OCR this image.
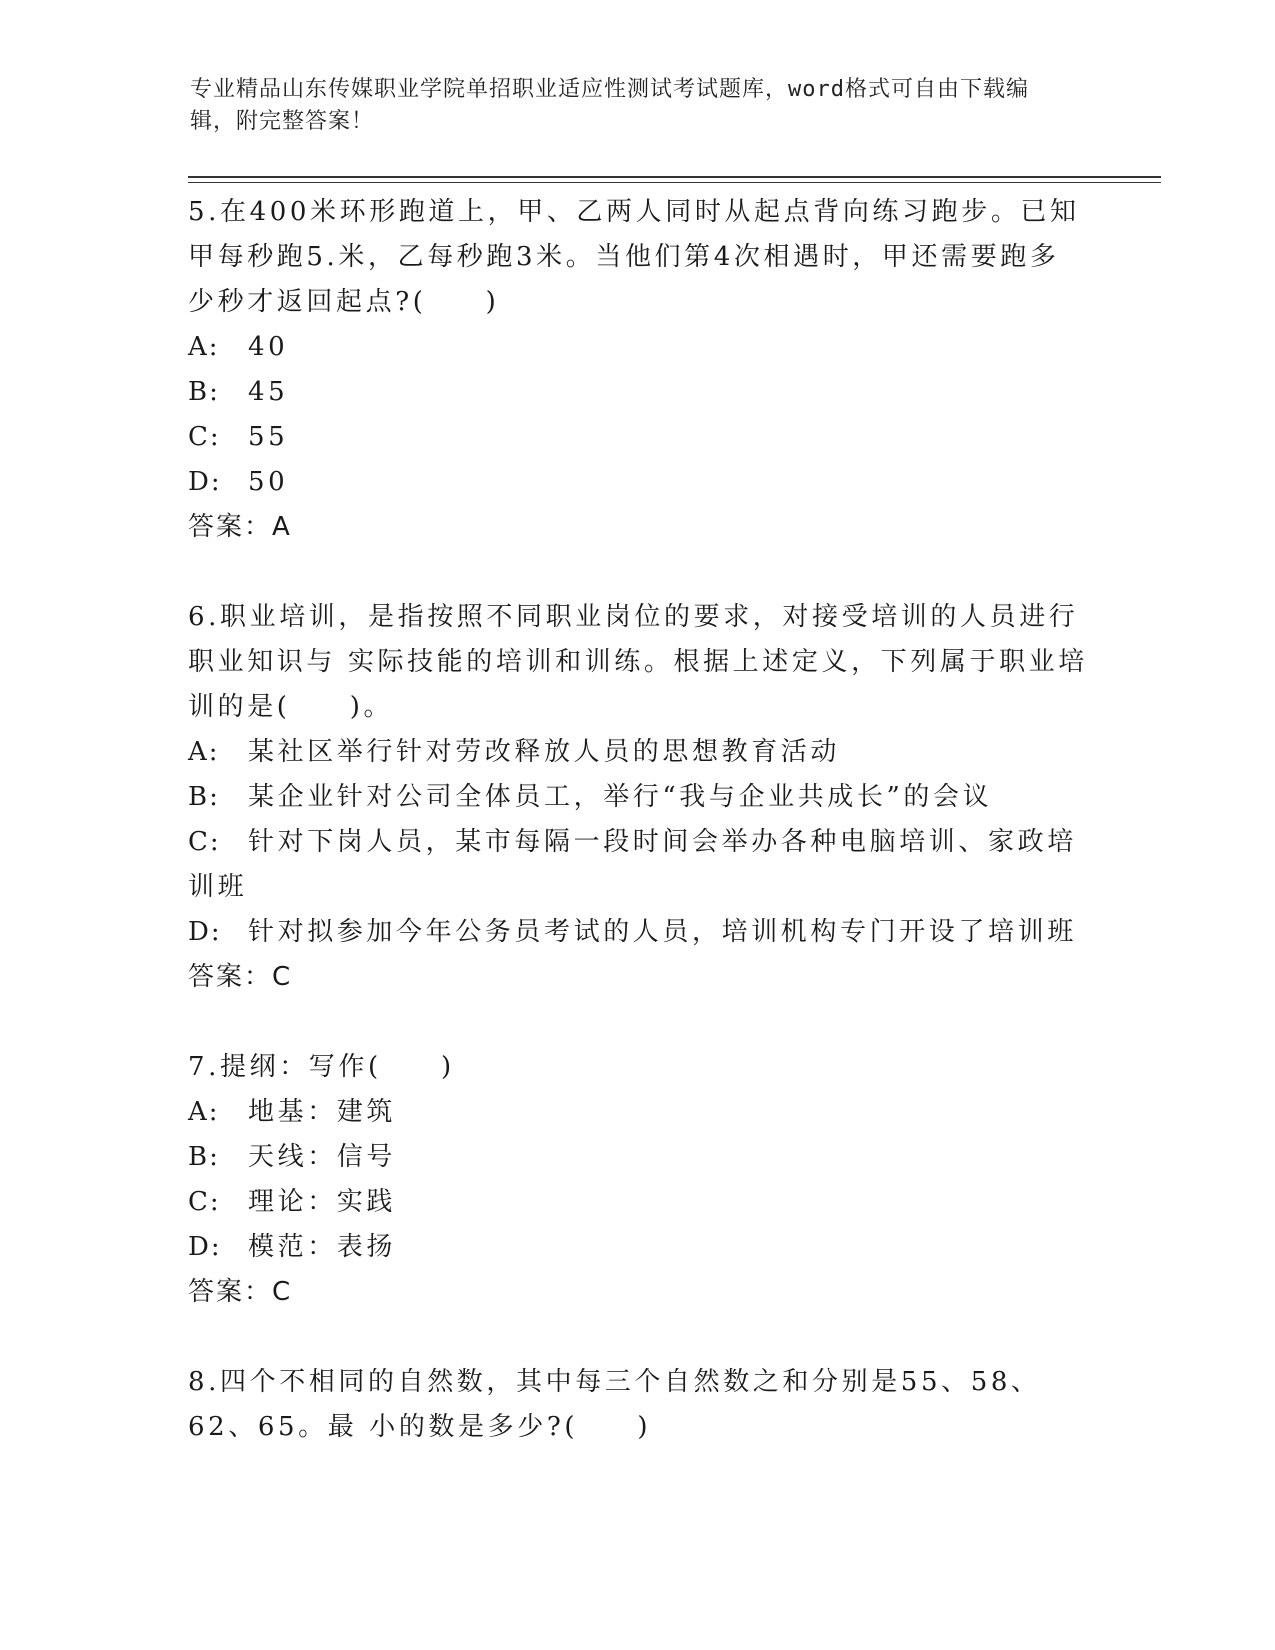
专业精品山东传媒职业学院单招职业适应性测试考试题库，word格式可自由下载编辑，附完整答案！

5.在400米环形跑道上，甲、乙两人同时从起点背向练习跑步。已知甲每秒跑5.米，乙每秒跑3米。当他们第4次相遇时，甲还需要跑多少秒才返回起点?(　　)

A: 40

B: 45

C: 55

D: 50

答案：A

6.职业培训，是指按照不同职业岗位的要求，对接受培训的人员进行职业知识与 实际技能的培训和训练。根据上述定义，下列属于职业培训的是(　　)。

A: 某社区举行针对劳改释放人员的思想教育活动

B: 某企业针对公司全体员工，举行“我与企业共成长”的会议

C: 针对下岗人员，某市每隔一段时间会举办各种电脑培训、家政培训班

D: 针对拟参加今年公务员考试的人员，培训机构专门开设了培训班

答案：C

7.提纲：写作(　　)

A: 地基：建筑

B: 天线：信号

C: 理论：实践

D: 模范：表扬

答案：C

8.四个不相同的自然数，其中每三个自然数之和分别是55、58、62、65。最 小的数是多少?(　　)
